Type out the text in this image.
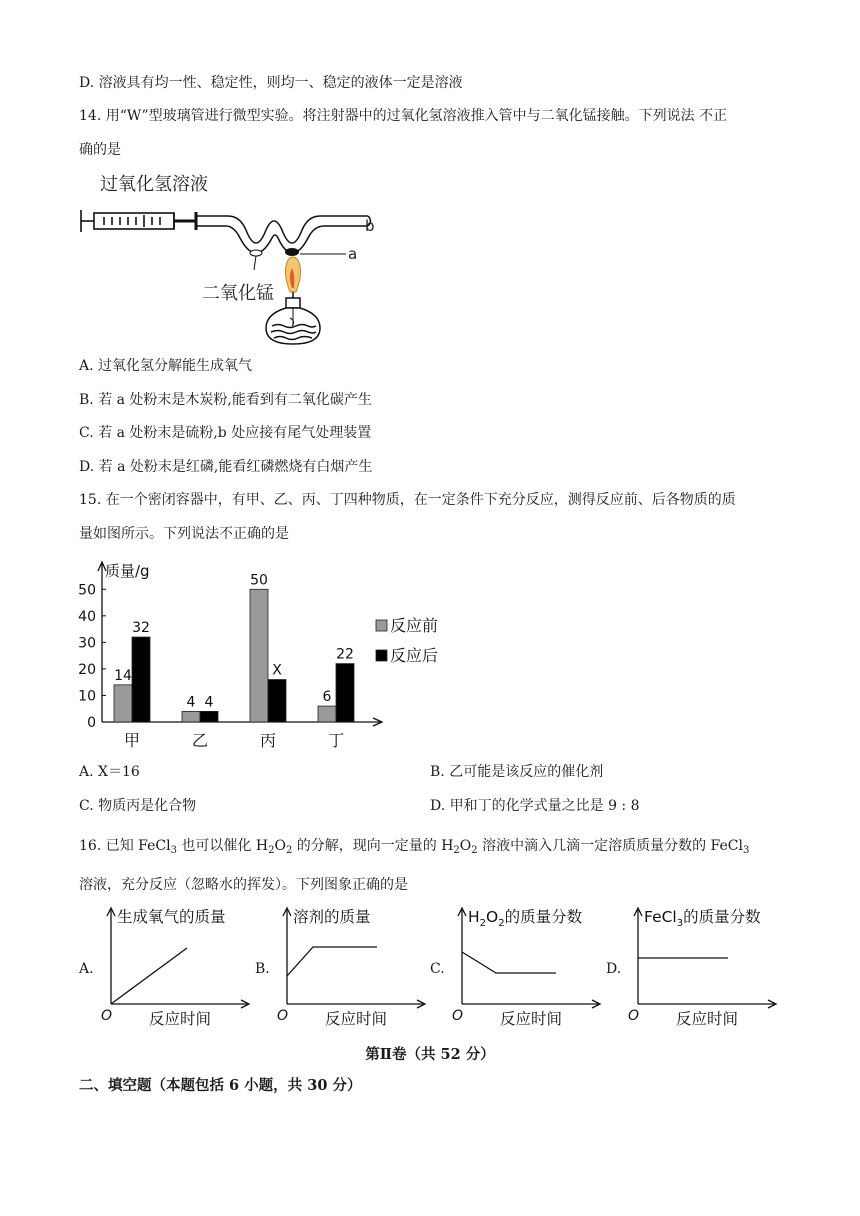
D. 溶液具有均一性、稳定性，则均一、稳定的液体一定是溶液
14. 用“W”型玻璃管进行微型实验。将注射器中的过氧化氢溶液推入管中与二氧化锰接触。下列说法 不正
确的是
过氧化氢溶液
b
a
二氧化锰
A. 过氧化氢分解能生成氧气
B. 若 a 处粉末是木炭粉,能看到有二氧化碳产生
C. 若 a 处粉末是硫粉,b 处应接有尾气处理装置
D. 若 a 处粉末是红磷,能看红磷燃烧有白烟产生
15. 在一个密闭容器中，有甲、乙、丙、丁四种物质，在一定条件下充分反应，测得反应前、后各物质的质
量如图所示。下列说法不正确的是
质量/g
0
10
20
30
40
50
14
32
甲
4 4
乙
50
X
丙
6
22
丁
反应前
反应后
A. X＝16	B. 乙可能是该反应的催化剂
C. 物质丙是化合物	D. 甲和丁的化学式量之比是 9 : 8
16. 已知 FeCl$_3$ 也可以催化 $H_2O_2$ 的分解，现向一定量的 $H_2O_2$ 溶液中滴入几滴一定溶质质量分数的 FeCl$_3$
溶液，充分反应（忽略水的挥发）。下列图象正确的是
A.
生成氧气的质量
反应时间
O
B.
溶剂的质量
反应时间
O
C.
$H_2O_2$的质量分数
反应时间
O
D.
FeCl$_3$的质量分数
反应时间
O
第Ⅱ卷（共 52 分）
二、填空题（本题包括 6 小题，共 30 分）
